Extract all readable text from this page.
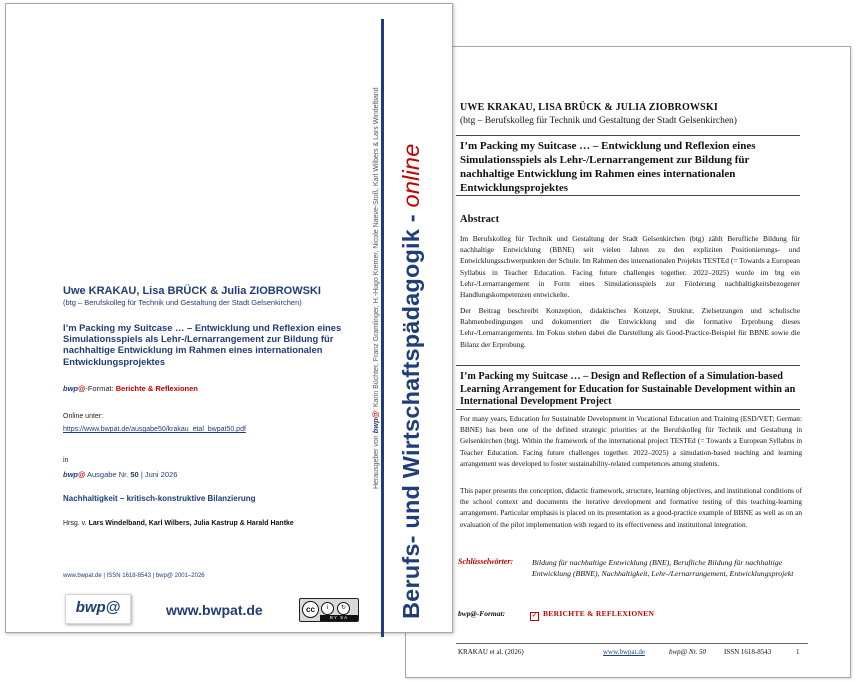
UWE KRAKAU, LISA BRÜCK & JULIA ZIOBROWSKI
(btg – Berufskolleg für Technik und Gestaltung der Stadt Gelsenkirchen)
I’m Packing my Suitcase … – Entwicklung und Reflexion eines Simulationsspiels als Lehr-/Lernarrangement zur Bildung für nachhaltige Entwicklung im Rahmen eines internationalen Entwicklungsprojektes
Abstract
Im Berufskolleg für Technik und Gestaltung der Stadt Gelsenkirchen (btg) zählt Berufliche Bildung für nachhaltige Entwicklung (BBNE) seit vielen Jahren zu den expliziten Positionierungs- und Entwicklungsschwerpunkten der Schule. Im Rahmen des internationalen Projekts TESTEd (= Towards a European Syllabus in Teacher Education. Facing future challenges together. 2022–2025) wurde im btg ein Lehr-/Lernarrangement in Form eines Simulationsspiels zur Förderung nachhaltigkeitsbezogener Handlungskompetenzen entwickelte.
Der Beitrag beschreibt Konzeption, didaktisches Konzept, Struktur, Zielsetzungen und schulische Rahmenbedingungen und dokumentiert die Entwicklung und die formative Erprobung dieses Lehr-/Lernarrangements. Im Fokus stehen dabei die Darstellung als Good-Practice-Beispiel für BBNE sowie die Bilanz der Erprobung.
I’m Packing my Suitcase … – Design and Reflection of a Simulation-based Learning Arrangement for Education for Sustainable Development within an International Development Project
For many years, Education for Sustainable Development in Vocational Education and Training (ESD/VET; German: BBNE) has been one of the defined strategic priorities at the Berufskolleg für Technik und Gestaltung in Gelsenkirchen (btg). Within the framework of the international project TESTEd (= Towards a European Syllabus in Teacher Education. Facing future challenges together. 2022–2025) a simulation-based teaching and learning arrangement was developed to foster sustainability-related competences among students.
This paper presents the conception, didactic framework, structure, learning objectives, and institutional conditions of the school context and documents the iterative development and formative testing of this teaching-learning arrangement. Particular emphasis is placed on its presentation as a good-practice example of BBNE as well as on an evaluation of the pilot implementation with regard to its effectiveness and institutional integration.
Schlüsselwörter: Bildung für nachhaltige Entwicklung (BNE), Berufliche Bildung für nachhaltige Entwicklung (BBNE), Nachhaltigkeit, Lehr-/Lernarrangement, Entwicklungsprojekt
bwp@-Format:	✓ BERICHTE & REFLEXIONEN
KRAKAU et al. (2026)	www.bwpat.de	bwp@ Nr. 50	ISSN 1618-8543	1
Uwe KRAKAU, Lisa BRÜCK & Julia ZIOBROWSKI
(btg – Berufskolleg für Technik und Gestaltung der Stadt Gelsenkirchen)
I’m Packing my Suitcase … – Entwicklung und Reflexion eines Simulationsspiels als Lehr-/Lernarrangement zur Bildung für nachhaltige Entwicklung im Rahmen eines internationalen Entwicklungsprojektes
bwp@-Format: Berichte & Reflexionen
Online unter:
https://www.bwpat.de/ausgabe50/krakau_etal_bwpat50.pdf
in
bwp@ Ausgabe Nr. 50 | Juni 2026
Nachhaltigkeit – kritisch-konstruktive Bilanzierung
Hrsg. v. Lars Windelband, Karl Wilbers, Julia Kastrup & Harald Hantke
www.bwpat.de | ISSN 1618-8543 | bwp@ 2001–2026
bwp@	www.bwpat.de	cc	i	↻
BY SA
Herausgeber von bwp@: Karin Büchter, Franz Gramlinger, H.-Hugo Kremer, Nicole Naeve-Stoß, Karl Wilbers & Lars Windelband Berufs- und Wirtschaftspädagogik - online
